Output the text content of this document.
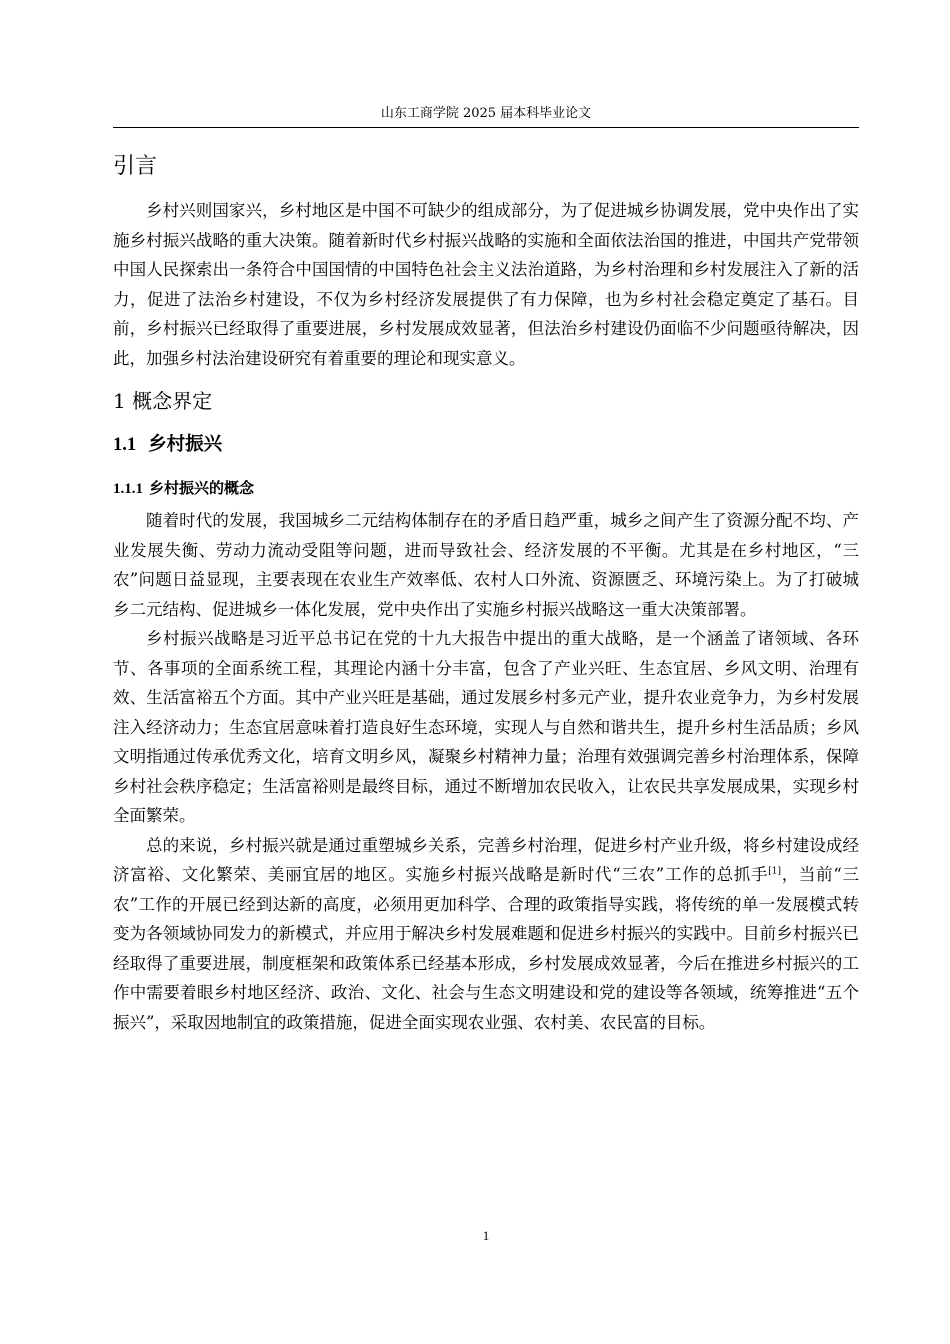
山东工商学院 2025 届本科毕业论文
引言

乡村兴则国家兴，乡村地区是中国不可缺少的组成部分，为了促进城乡协调发展，党中央作出了实施乡村振兴战略的重大决策。随着新时代乡村振兴战略的实施和全面依法治国的推进，中国共产党带领中国人民探索出一条符合中国国情的中国特色社会主义法治道路，为乡村治理和乡村发展注入了新的活力，促进了法治乡村建设，不仅为乡村经济发展提供了有力保障，也为乡村社会稳定奠定了基石。目前，乡村振兴已经取得了重要进展，乡村发展成效显著，但法治乡村建设仍面临不少问题亟待解决，因此，加强乡村法治建设研究有着重要的理论和现实意义。

1 概念界定
1.1 乡村振兴
1.1.1 乡村振兴的概念

随着时代的发展，我国城乡二元结构体制存在的矛盾日趋严重，城乡之间产生了资源分配不均、产业发展失衡、劳动力流动受阻等问题，进而导致社会、经济发展的不平衡。尤其是在乡村地区，“三农”问题日益显现，主要表现在农业生产效率低、农村人口外流、资源匮乏、环境污染上。为了打破城乡二元结构、促进城乡一体化发展，党中央作出了实施乡村振兴战略这一重大决策部署。

乡村振兴战略是习近平总书记在党的十九大报告中提出的重大战略，是一个涵盖了诸领域、各环节、各事项的全面系统工程，其理论内涵十分丰富，包含了产业兴旺、生态宜居、乡风文明、治理有效、生活富裕五个方面。其中产业兴旺是基础，通过发展乡村多元产业，提升农业竞争力，为乡村发展注入经济动力；生态宜居意味着打造良好生态环境，实现人与自然和谐共生，提升乡村生活品质；乡风文明指通过传承优秀文化，培育文明乡风，凝聚乡村精神力量；治理有效强调完善乡村治理体系，保障乡村社会秩序稳定；生活富裕则是最终目标，通过不断增加农民收入，让农民共享发展成果，实现乡村全面繁荣。

总的来说，乡村振兴就是通过重塑城乡关系，完善乡村治理，促进乡村产业升级，将乡村建设成经济富裕、文化繁荣、美丽宜居的地区。实施乡村振兴战略是新时代“三农”工作的总抓手[1]，当前“三农”工作的开展已经到达新的高度，必须用更加科学、合理的政策指导实践，将传统的单一发展模式转变为各领域协同发力的新模式，并应用于解决乡村发展难题和促进乡村振兴的实践中。目前乡村振兴已经取得了重要进展，制度框架和政策体系已经基本形成，乡村发展成效显著，今后在推进乡村振兴的工作中需要着眼乡村地区经济、政治、文化、社会与生态文明建设和党的建设等各领域，统筹推进“五个振兴”，采取因地制宜的政策措施，促进全面实现农业强、农村美、农民富的目标。

1
